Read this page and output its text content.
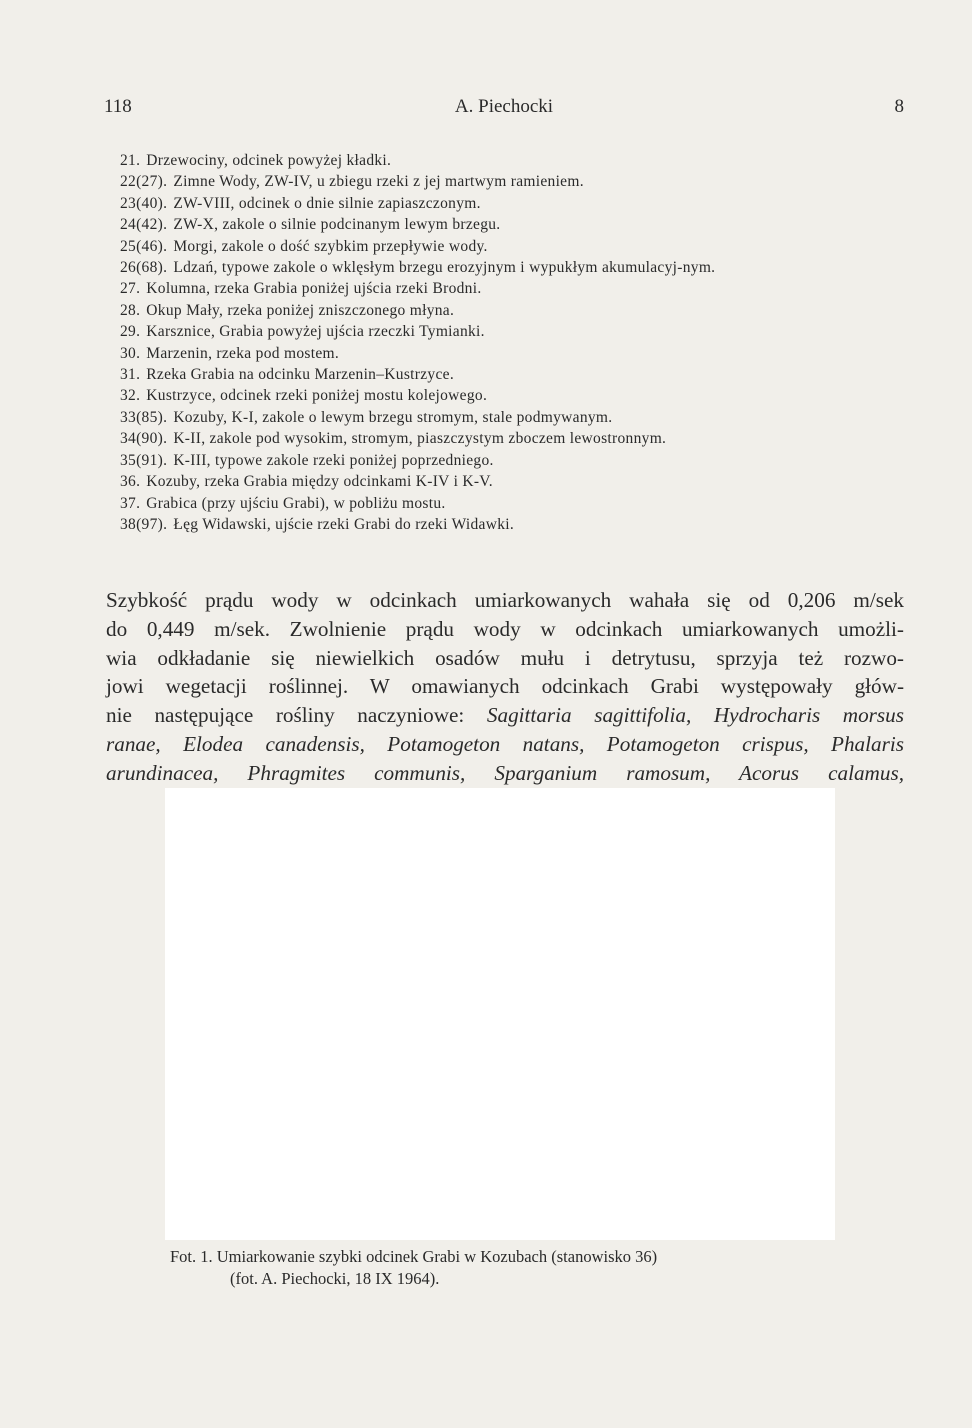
118	A. Piechocki	8
21. Drzewociny, odcinek powyżej kładki.
22(27). Zimne Wody, ZW-IV, u zbiegu rzeki z jej martwym ramieniem.
23(40). ZW-VIII, odcinek o dnie silnie zapiaszczonym.
24(42). ZW-X, zakole o silnie podcinanym lewym brzegu.
25(46). Morgi, zakole o dość szybkim przepływie wody.
26(68). Ldzań, typowe zakole o wklęsłym brzegu erozyjnym i wypukłym akumulacyj-nym.
27. Kolumna, rzeka Grabia poniżej ujścia rzeki Brodni.
28. Okup Mały, rzeka poniżej zniszczonego młyna.
29. Karsznice, Grabia powyżej ujścia rzeczki Tymianki.
30. Marzenin, rzeka pod mostem.
31. Rzeka Grabia na odcinku Marzenin–Kustrzyce.
32. Kustrzyce, odcinek rzeki poniżej mostu kolejowego.
33(85). Kozuby, K-I, zakole o lewym brzegu stromym, stale podmywanym.
34(90). K-II, zakole pod wysokim, stromym, piaszczystym zboczem lewostronnym.
35(91). K-III, typowe zakole rzeki poniżej poprzedniego.
36. Kozuby, rzeka Grabia między odcinkami K-IV i K-V.
37. Grabica (przy ujściu Grabi), w pobliżu mostu.
38(97). Łęg Widawski, ujście rzeki Grabi do rzeki Widawki.
Szybkość prądu wody w odcinkach umiarkowanych wahała się od 0,206 m/sek
do 0,449 m/sek. Zwolnienie prądu wody w odcinkach umiarkowanych umożli-
wia odkładanie się niewielkich osadów mułu i detrytusu, sprzyja też rozwo-
jowi wegetacji roślinnej. W omawianych odcinkach Grabi występowały głów-
nie następujące rośliny naczyniowe: Sagittaria sagittifolia, Hydrocharis morsus
ranae, Elodea canadensis, Potamogeton natans, Potamogeton crispus, Phalaris
arundinacea, Phragmites communis, Sparganium ramosum, Acorus calamus,
Fot. 1. Umiarkowanie szybki odcinek Grabi w Kozubach (stanowisko 36)
(fot. A. Piechocki, 18 IX 1964).
